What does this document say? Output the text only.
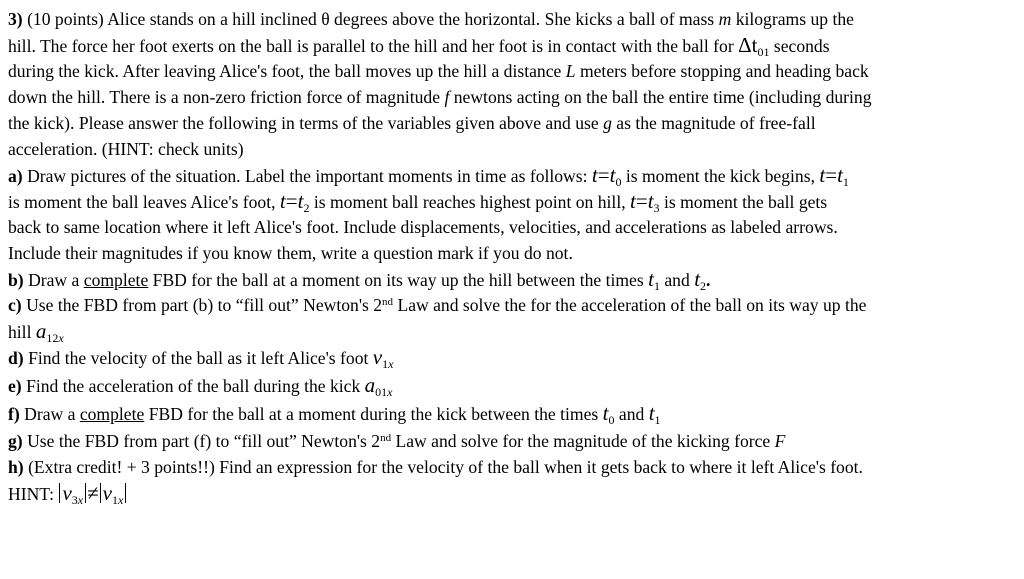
3) (10 points) Alice stands on a hill inclined θ degrees above the horizontal. She kicks a ball of mass m kilograms up the
hill. The force her foot exerts on the ball is parallel to the hill and her foot is in contact with the ball for $\Delta t_{01}$ seconds
during the kick. After leaving Alice's foot, the ball moves up the hill a distance L meters before stopping and heading back
down the hill. There is a non-zero friction force of magnitude f newtons acting on the ball the entire time (including during
the kick). Please answer the following in terms of the variables given above and use g as the magnitude of free-fall
acceleration. (HINT: check units)
a) Draw pictures of the situation. Label the important moments in time as follows: $t=t_0$ is moment the kick begins, $t=t_1$
is moment the ball leaves Alice's foot, $t=t_2$ is moment ball reaches highest point on hill, $t=t_3$ is moment the ball gets
back to same location where it left Alice's foot. Include displacements, velocities, and accelerations as labeled arrows.
Include their magnitudes if you know them, write a question mark if you do not.
b) Draw a complete FBD for the ball at a moment on its way up the hill between the times $t_1$ and $t_2$.
c) Use the FBD from part (b) to “fill out” Newton's 2nd Law and solve the for the acceleration of the ball on its way up the
hill $a_{12x}$
d) Find the velocity of the ball as it left Alice's foot $v_{1x}$
e) Find the acceleration of the ball during the kick $a_{01x}$
f) Draw a complete FBD for the ball at a moment during the kick between the times $t_0$ and $t_1$
g) Use the FBD from part (f) to “fill out” Newton's 2nd Law and solve for the magnitude of the kicking force F
h) (Extra credit! + 3 points!!) Find an expression for the velocity of the ball when it gets back to where it left Alice's foot.
HINT: $v_{3x} \ne v_{1x}$
